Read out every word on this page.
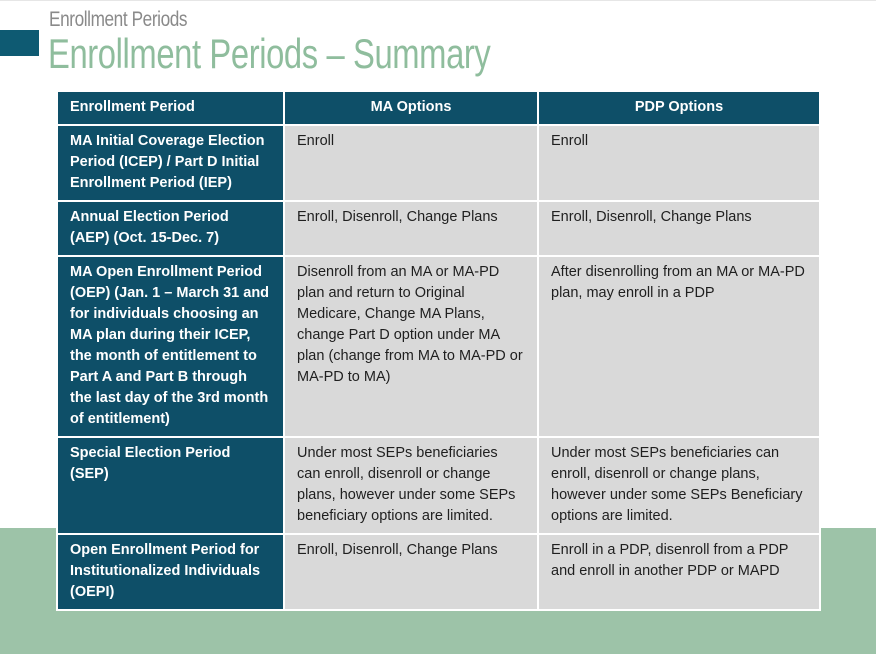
Enrollment Periods
Enrollment Periods – Summary
Enrollment Period	MA Options	PDP Options
MA Initial Coverage Election Period (ICEP) / Part D Initial Enrollment Period (IEP)	Enroll	Enroll
Annual Election Period (AEP) (Oct. 15-Dec. 7)	Enroll, Disenroll, Change Plans	Enroll, Disenroll, Change Plans
MA Open Enrollment Period (OEP) (Jan. 1 – March 31 and for individuals choosing an MA plan during their ICEP, the month of entitlement to Part A and Part B through the last day of the 3rd month of entitlement)	Disenroll from an MA or MA-PD plan and return to Original Medicare, Change MA Plans, change Part D option under MA plan (change from MA to MA-PD or MA-PD to MA)	After disenrolling from an MA or MA-PD plan, may enroll in a PDP
Special Election Period (SEP)	Under most SEPs beneficiaries can enroll, disenroll or change plans, however under some SEPs beneficiary options are limited.	Under most SEPs beneficiaries can enroll, disenroll or change plans, however under some SEPs Beneficiary options are limited.
Open Enrollment Period for Institutionalized Individuals (OEPI)	Enroll, Disenroll, Change Plans	Enroll in a PDP, disenroll from a PDP and enroll in another PDP or MAPD
